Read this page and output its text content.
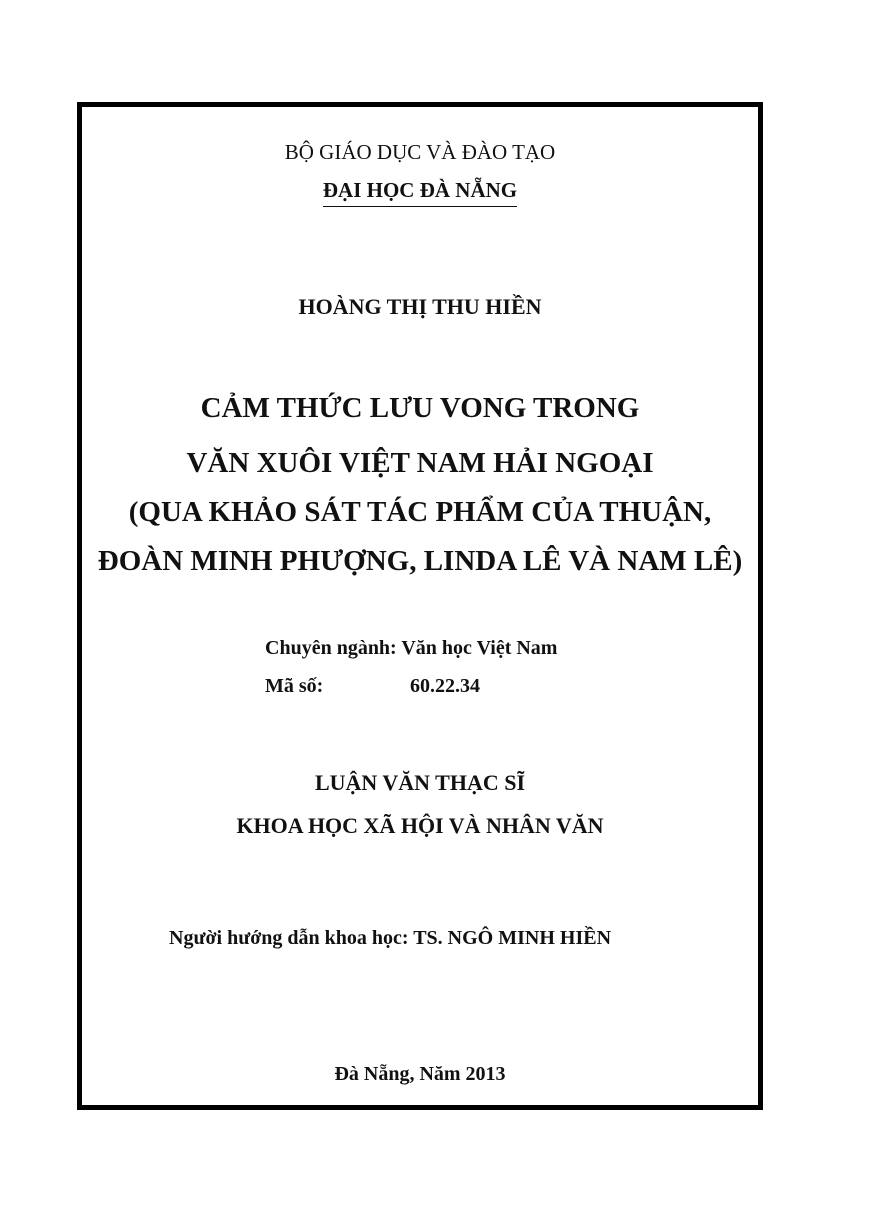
BỘ GIÁO DỤC VÀ ĐÀO TẠO

ĐẠI HỌC ĐÀ NẴNG

HOÀNG THỊ THU HIỀN

CẢM THỨC LƯU VONG TRONG

VĂN XUÔI VIỆT NAM HẢI NGOẠI

(QUA KHẢO SÁT TÁC PHẨM CỦA THUẬN,

ĐOÀN MINH PHƯỢNG, LINDA LÊ VÀ NAM LÊ)

Chuyên ngành: Văn học Việt Nam
Mã số:	60.22.34

LUẬN VĂN THẠC SĨ

KHOA HỌC XÃ HỘI VÀ NHÂN VĂN

Người hướng dẫn khoa học: TS. NGÔ MINH HIỀN

Đà Nẵng, Năm 2013
